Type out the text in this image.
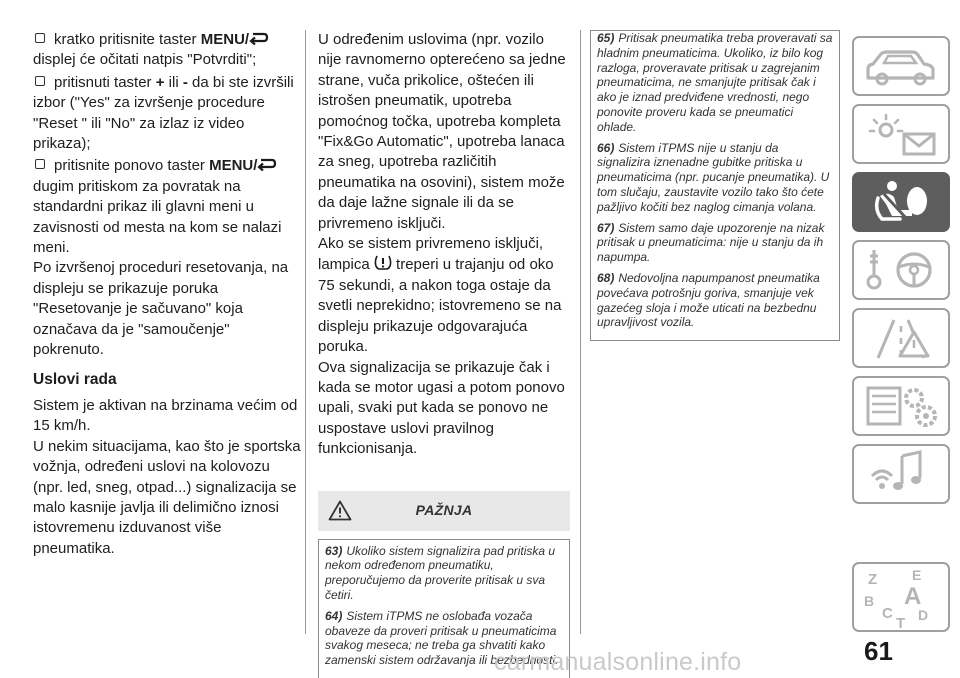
kratko pritisnite taster MENU/
displej će očitati natpis "Potvrditi";

pritisnuti taster + ili - da bi ste izvršili izbor ("Yes" za izvršenje procedure "Reset " ili "No" za izlaz iz video prikaza);

pritisnite ponovo taster MENU/
dugim pritiskom za povratak na standardni prikaz ili glavni meni u zavisnosti od mesta na kom se nalazi meni.

Po izvršenoj proceduri resetovanja, na displeju se prikazuje poruka "Resetovanje je sačuvano" koja označava da je "samoučenje" pokrenuto.

Uslovi rada

Sistem je aktivan na brzinama većim od 15 km/h.

U nekim situacijama, kao što je sportska vožnja, određeni uslovi na kolovozu (npr. led, sneg, otpad...) signalizacija se malo kasnije javlja ili delimično iznosi istovremenu izduvanost više pneumatika.

U određenim uslovima (npr. vozilo nije ravnomerno opterećeno sa jedne strane, vuča prikolice, oštećen ili istrošen pneumatik, upotreba pomoćnog točka, upotreba kompleta "Fix&Go Automatic", upotreba lanaca za sneg, upotreba različitih pneumatika na osovini), sistem može da daje lažne signale ili da se privremeno isključi.

Ako se sistem privremeno isključi, lampica treperi u trajanju od oko 75 sekundi, a nakon toga ostaje da svetli neprekidno; istovremeno se na displeju prikazuje odgovarajuća poruka.

Ova signalizacija se prikazuje čak i kada se motor ugasi a potom ponovo upali, svaki put kada se ponovo ne uspostave uslovi pravilnog funkcionisanja.

PAŽNJA
63) Ukoliko sistem signalizira pad pritiska u nekom određenom pneumatiku, preporučujemo da proverite pritisak u sva četiri.
64) Sistem iTPMS ne oslobađa vozača obaveze da proveri pritisak u pneumaticima svakog meseca; ne treba ga shvatiti kako zamenski sistem održavanja ili bezbednosti.
65) Pritisak pneumatika treba proveravati sa hladnim pneumaticima. Ukoliko, iz bilo kog razloga, proveravate pritisak u zagrejanim pneumaticima, ne smanjujte pritisak čak i ako je iznad predviđene vrednosti, nego ponovite proveru kada se pneumatici ohlade.
66) Sistem iTPMS nije u stanju da signalizira iznenadne gubitke pritiska u pneumaticima (npr. pucanje pneumatika). U tom slučaju, zaustavite vozilo tako što ćete pažljivo kočiti bez naglog cimanja volana.
67) Sistem samo daje upozorenje na nizak pritisak u pneumaticima: nije u stanju da ih napumpa.
68) Nedovoljna napumpanost pneumatika povećava potrošnju goriva, smanjuje vek gazećeg sloja i može uticati na bezbednu upravljivost vozila.
Z E
B A
C D
T
61
carmanualsonline.info
